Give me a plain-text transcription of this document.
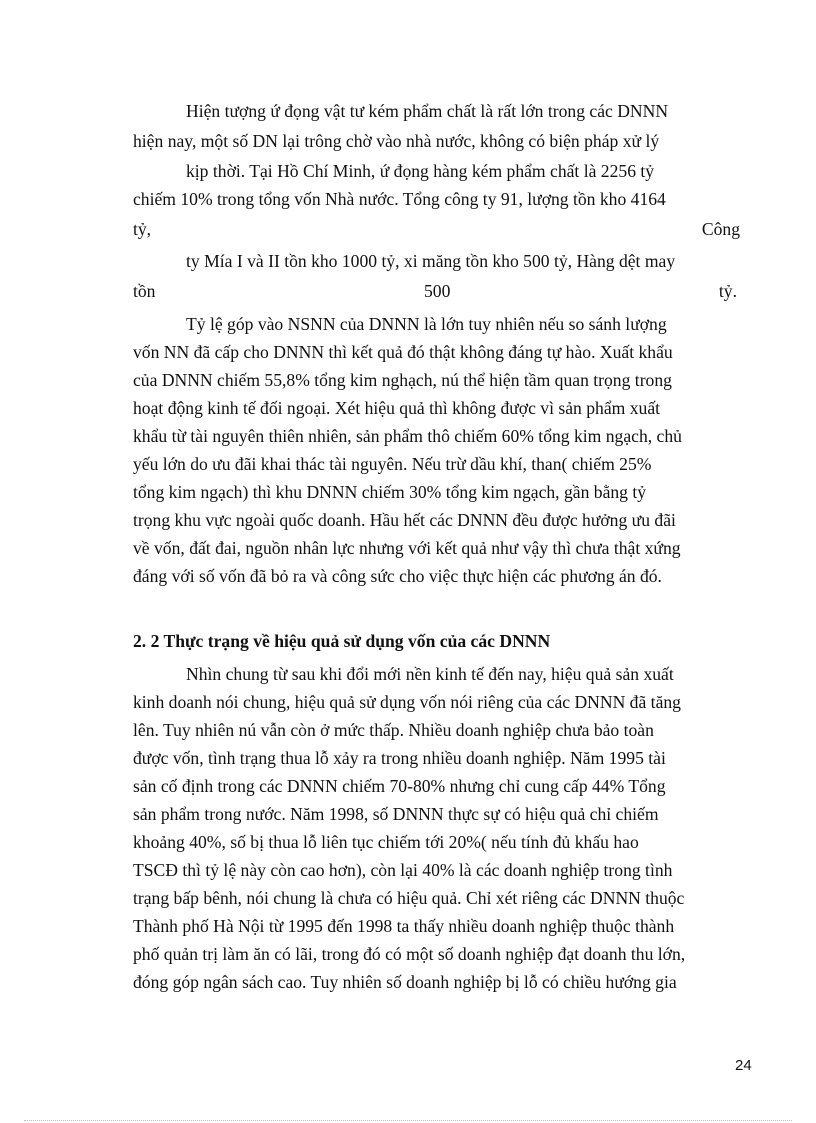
Hiện tượng ứ đọng vật tư kém phẩm chất là rất lớn trong các DNNN
hiện nay, một số DN lại trông chờ vào nhà nước, không có biện pháp xử lý
kịp thời. Tại Hồ Chí Minh, ứ đọng hàng kém phẩm chất là 2256 tỷ
chiếm 10% trong tổng vốn Nhà nước. Tổng công ty 91, lượng tồn kho 4164
tỷ,	Công
ty Mía I và II tồn kho 1000 tỷ, xi măng tồn kho 500 tỷ, Hàng dệt may
tồn	500	tỷ.
Tỷ lệ góp vào NSNN của DNNN là lớn tuy nhiên nếu so sánh lượng
vốn NN đã cấp cho DNNN thì kết quả đó thật không đáng tự hào. Xuất khẩu
của DNNN chiếm 55,8% tổng kim nghạch, nú thể hiện tầm quan trọng trong
hoạt động kinh tế đối ngoại. Xét hiệu quả thì không được vì sản phẩm xuất
khẩu từ tài nguyên thiên nhiên, sản phẩm thô chiếm 60% tổng kim ngạch, chủ
yếu lớn do ưu đãi khai thác tài nguyên. Nếu trừ dầu khí, than( chiếm 25%
tổng kim ngạch) thì khu DNNN chiếm 30% tổng kim ngạch, gần bằng tỷ
trọng khu vực ngoài quốc doanh. Hầu hết các DNNN đều được hưởng ưu đãi
về vốn, đất đai, nguồn nhân lực nhưng với kết quả như vậy thì chưa thật xứng
đáng với số vốn đã bỏ ra và công sức cho việc thực hiện các phương án đó.
2. 2 Thực trạng về hiệu quả sử dụng vốn của các DNNN
Nhìn chung từ sau khi đổi mới nền kinh tế đến nay, hiệu quả sản xuất
kinh doanh nói chung, hiệu quả sử dụng vốn nói riêng của các DNNN đã tăng
lên. Tuy nhiên nú vẫn còn ở mức thấp. Nhiều doanh nghiệp chưa bảo toàn
được vốn, tình trạng thua lỗ xảy ra trong nhiều doanh nghiệp. Năm 1995 tài
sản cố định trong các DNNN chiếm 70-80% nhưng chỉ cung cấp 44% Tổng
sản phẩm trong nước. Năm 1998, số DNNN thực sự có hiệu quả chỉ chiếm
khoảng 40%, số bị thua lỗ liên tục chiếm tới 20%( nếu tính đủ khấu hao
TSCĐ thì tỷ lệ này còn cao hơn), còn lại 40% là các doanh nghiệp trong tình
trạng bấp bênh, nói chung là chưa có hiệu quả. Chỉ xét riêng các DNNN thuộc
Thành phố Hà Nội từ 1995 đến 1998 ta thấy nhiều doanh nghiệp thuộc thành
phố quản trị làm ăn có lãi, trong đó có một số doanh nghiệp đạt doanh thu lớn,
đóng góp ngân sách cao. Tuy nhiên số doanh nghiệp bị lỗ có chiều hướng gia
24
